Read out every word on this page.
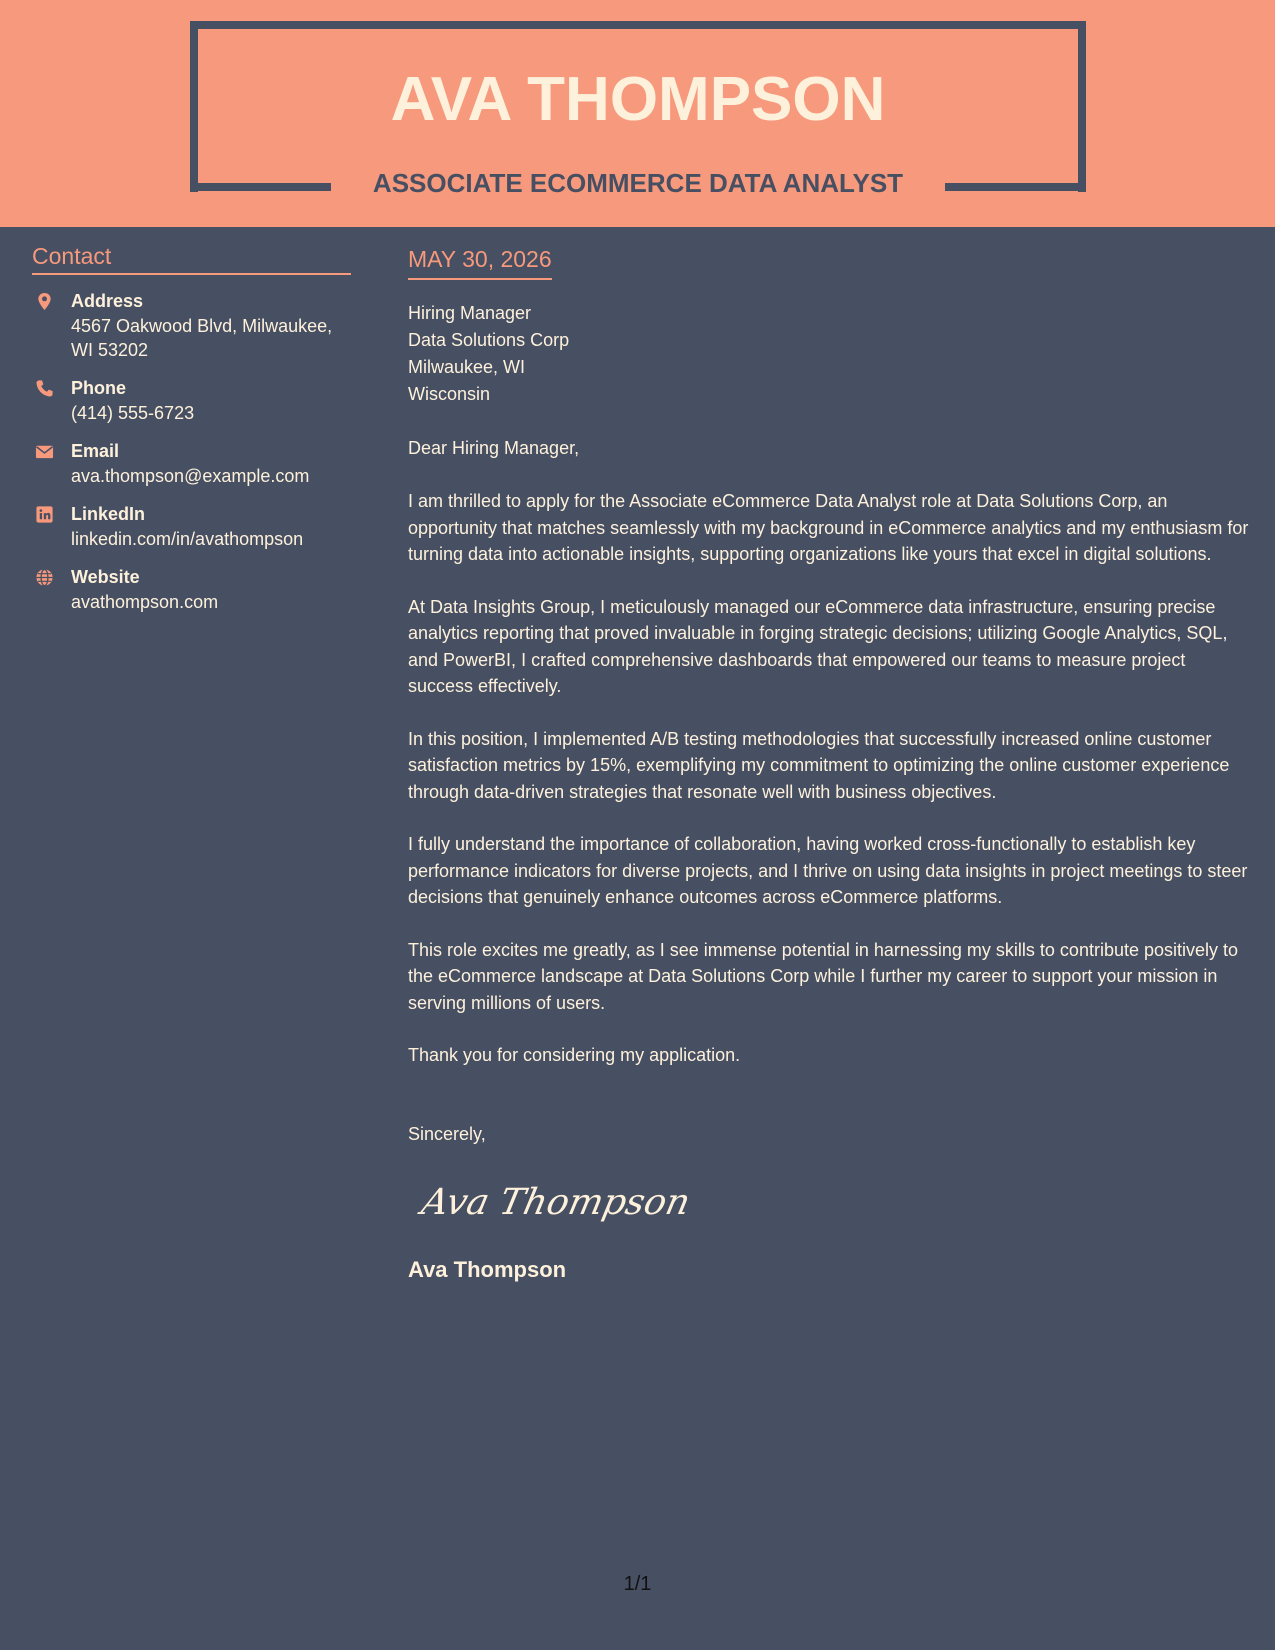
AVA THOMPSON
ASSOCIATE ECOMMERCE DATA ANALYST
Contact
Address
4567 Oakwood Blvd, Milwaukee, WI 53202
Phone
(414) 555-6723
Email
ava.thompson@example.com
LinkedIn
linkedin.com/in/avathompson
Website
avathompson.com
MAY 30, 2026
Hiring Manager
Data Solutions Corp
Milwaukee, WI
Wisconsin
Dear Hiring Manager,

I am thrilled to apply for the Associate eCommerce Data Analyst role at Data Solutions Corp, an opportunity that matches seamlessly with my background in eCommerce analytics and my enthusiasm for turning data into actionable insights, supporting organizations like yours that excel in digital solutions.

At Data Insights Group, I meticulously managed our eCommerce data infrastructure, ensuring precise analytics reporting that proved invaluable in forging strategic decisions; utilizing Google Analytics, SQL, and PowerBI, I crafted comprehensive dashboards that empowered our teams to measure project success effectively.

In this position, I implemented A/B testing methodologies that successfully increased online customer satisfaction metrics by 15%, exemplifying my commitment to optimizing the online customer experience through data-driven strategies that resonate well with business objectives.

I fully understand the importance of collaboration, having worked cross-functionally to establish key performance indicators for diverse projects, and I thrive on using data insights in project meetings to steer decisions that genuinely enhance outcomes across eCommerce platforms.

This role excites me greatly, as I see immense potential in harnessing my skills to contribute positively to the eCommerce landscape at Data Solutions Corp while I further my career to support your mission in serving millions of users.

Thank you for considering my application.

Sincerely,
Ava Thompson
Ava Thompson
1/1
